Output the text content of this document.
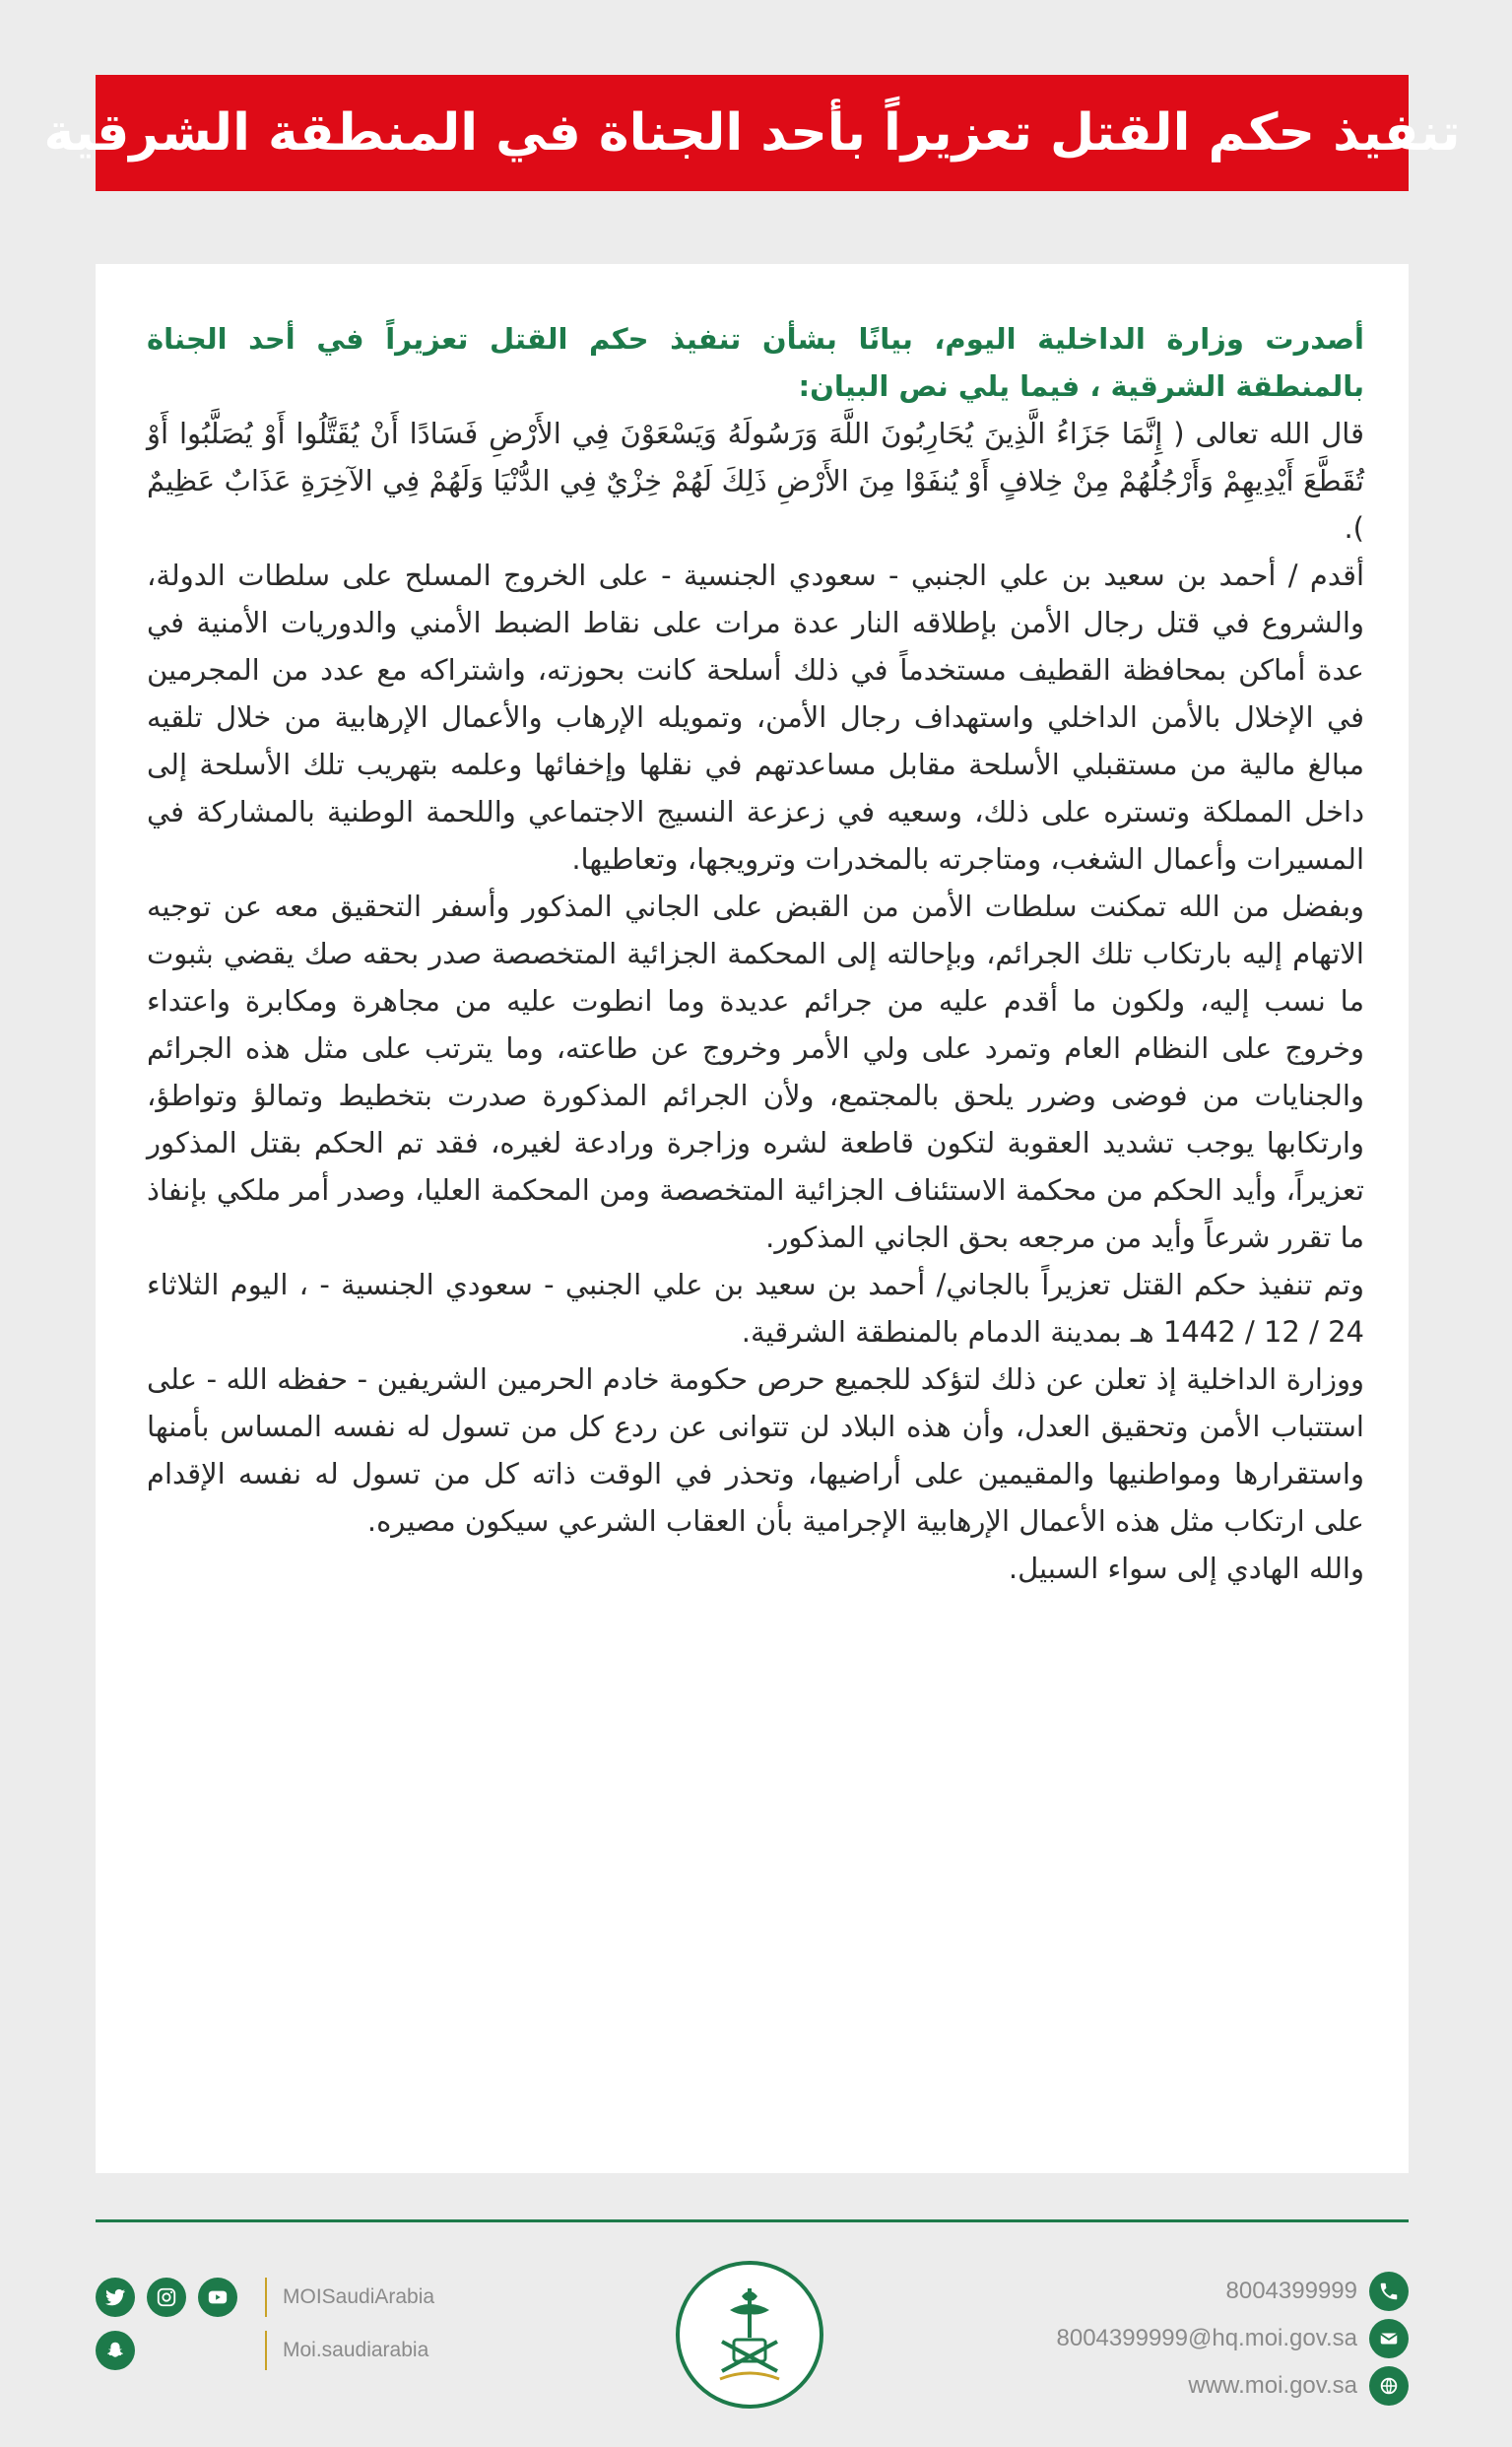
تنفيذ حكم القتل تعزيراً بأحد الجناة في المنطقة الشرقية

أصدرت وزارة الداخلية اليوم، بيانًا بشأن تنفيذ حكم القتل تعزيراً في أحد الجناة بالمنطقة الشرقية ، فيما يلي نص البيان:

قال الله تعالى ( إِنَّمَا جَزَاءُ الَّذِينَ يُحَارِبُونَ اللَّهَ وَرَسُولَهُ وَيَسْعَوْنَ فِي الأَرْضِ فَسَادًا أَنْ يُقَتَّلُوا أَوْ يُصَلَّبُوا أَوْ تُقَطَّعَ أَيْدِيهِمْ وَأَرْجُلُهُمْ مِنْ خِلافٍ أَوْ يُنفَوْا مِنَ الأَرْضِ ذَلِكَ لَهُمْ خِزْيٌ فِي الدُّنْيَا وَلَهُمْ فِي الآخِرَةِ عَذَابٌ عَظِيمٌ ).

أقدم / أحمد بن سعيد بن علي الجنبي - سعودي الجنسية - على الخروج المسلح على سلطات الدولة، والشروع في قتل رجال الأمن بإطلاقه النار عدة مرات على نقاط الضبط الأمني والدوريات الأمنية في عدة أماكن بمحافظة القطيف مستخدماً في ذلك أسلحة كانت بحوزته، واشتراكه مع عدد من المجرمين في الإخلال بالأمن الداخلي واستهداف رجال الأمن، وتمويله الإرهاب والأعمال الإرهابية من خلال تلقيه مبالغ مالية من مستقبلي الأسلحة مقابل مساعدتهم في نقلها وإخفائها وعلمه بتهريب تلك الأسلحة إلى داخل المملكة وتستره على ذلك، وسعيه في زعزعة النسيج الاجتماعي واللحمة الوطنية بالمشاركة في المسيرات وأعمال الشغب، ومتاجرته بالمخدرات وترويجها، وتعاطيها.

وبفضل من الله تمكنت سلطات الأمن من القبض على الجاني المذكور وأسفر التحقيق معه عن توجيه الاتهام إليه بارتكاب تلك الجرائم، وبإحالته إلى المحكمة الجزائية المتخصصة صدر بحقه صك يقضي بثبوت ما نسب إليه، ولكون ما أقدم عليه من جرائم عديدة وما انطوت عليه من مجاهرة ومكابرة واعتداء وخروج على النظام العام وتمرد على ولي الأمر وخروج عن طاعته، وما يترتب على مثل هذه الجرائم والجنايات من فوضى وضرر يلحق بالمجتمع، ولأن الجرائم المذكورة صدرت بتخطيط وتمالؤ وتواطؤ، وارتكابها يوجب تشديد العقوبة لتكون قاطعة لشره وزاجرة ورادعة لغيره، فقد تم الحكم بقتل المذكور تعزيراً، وأيد الحكم من محكمة الاستئناف الجزائية المتخصصة ومن المحكمة العليا، وصدر أمر ملكي بإنفاذ ما تقرر شرعاً وأيد من مرجعه بحق الجاني المذكور.

وتم تنفيذ حكم القتل تعزيراً بالجاني/ أحمد بن سعيد بن علي الجنبي - سعودي الجنسية - ، اليوم الثلاثاء 24 / 12 / 1442 هـ بمدينة الدمام بالمنطقة الشرقية.

ووزارة الداخلية إذ تعلن عن ذلك لتؤكد للجميع حرص حكومة خادم الحرمين الشريفين - حفظه الله - على استتباب الأمن وتحقيق العدل، وأن هذه البلاد لن تتوانى عن ردع كل من تسول له نفسه المساس بأمنها واستقرارها ومواطنيها والمقيمين على أراضيها، وتحذر في الوقت ذاته كل من تسول له نفسه الإقدام على ارتكاب مثل هذه الأعمال الإرهابية الإجرامية بأن العقاب الشرعي سيكون مصيره.

والله الهادي إلى سواء السبيل.

MOISaudiArabia
Moi.saudiarabia
8004399999
8004399999@hq.moi.gov.sa
www.moi.gov.sa
